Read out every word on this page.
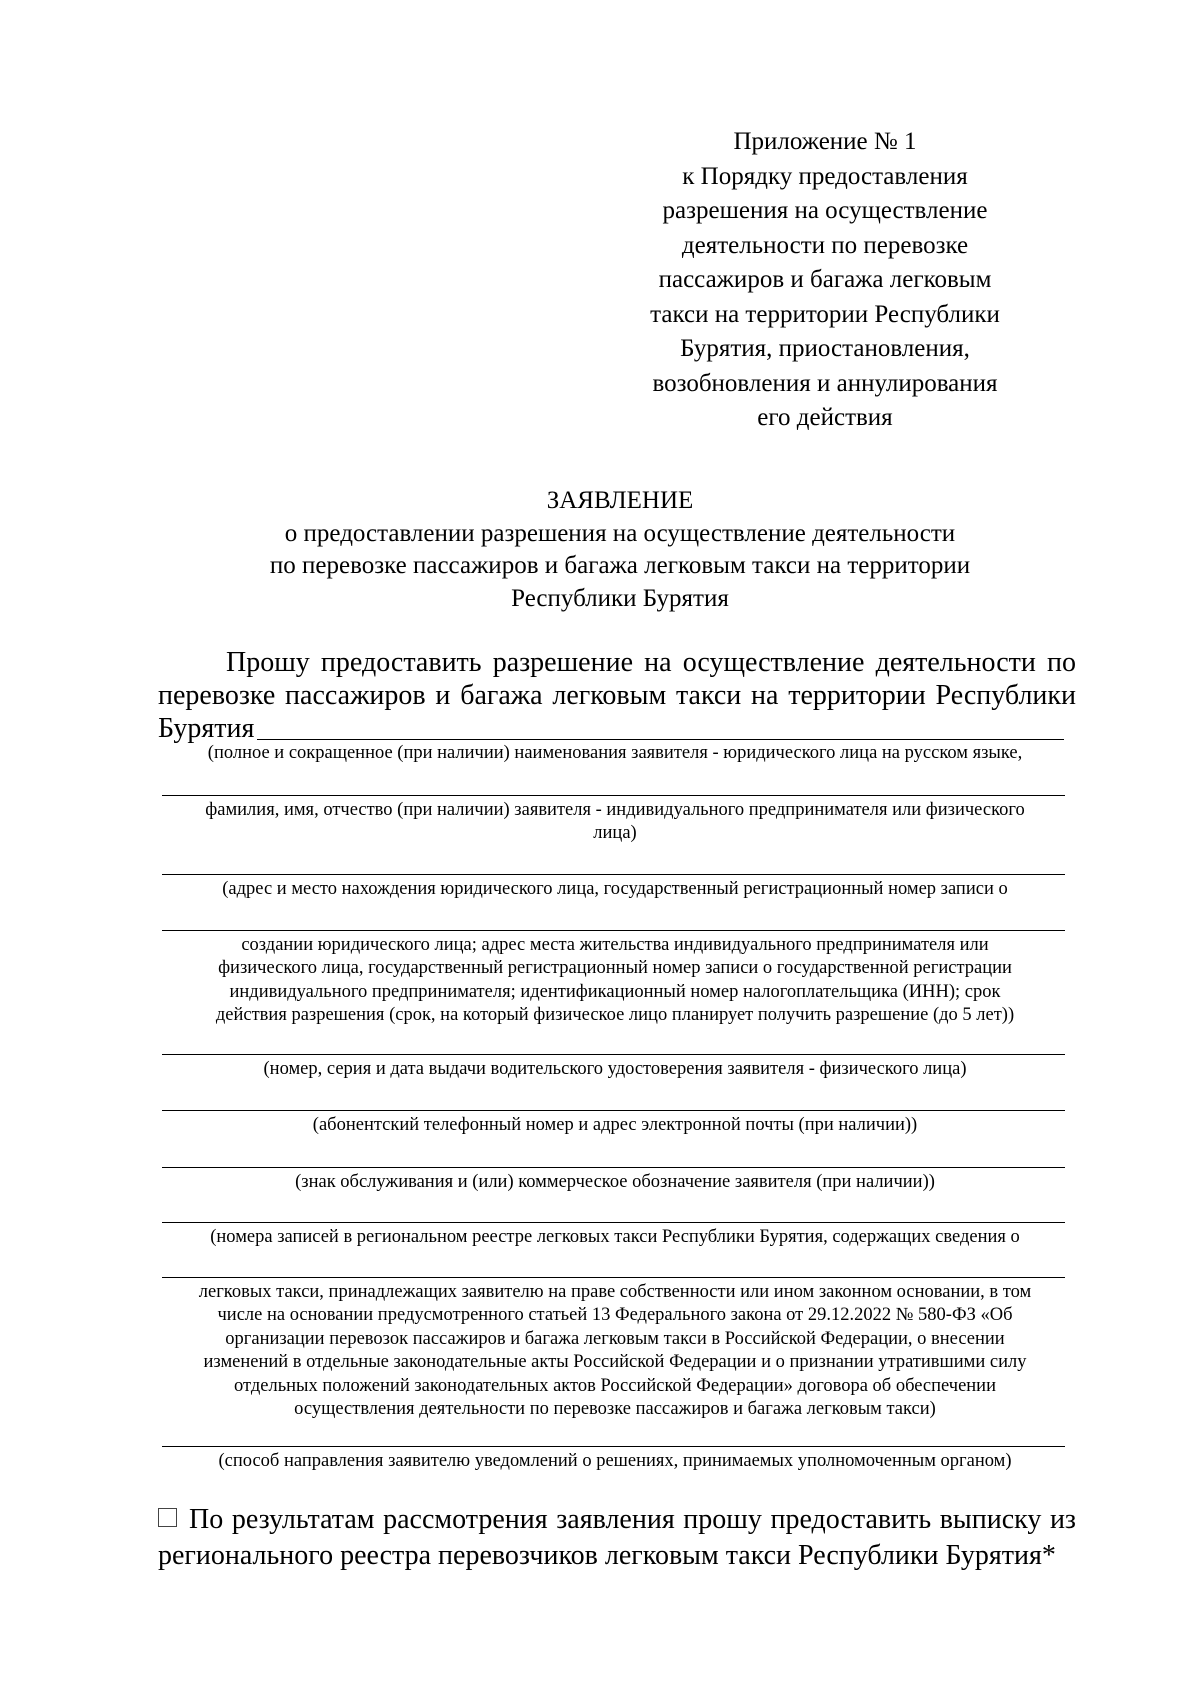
Приложение № 1
к Порядку предоставления
разрешения на осуществление
деятельности по перевозке
пассажиров и багажа легковым
такси на территории Республики
Бурятия, приостановления,
возобновления и аннулирования
его действия
ЗАЯВЛЕНИЕ
о предоставлении разрешения на осуществление деятельности
по перевозке пассажиров и багажа легковым такси на территории
Республики Бурятия
Прошу предоставить разрешение на осуществление деятельности по
перевозке пассажиров и багажа легковым такси на территории Республики
Бурятия
(полное и сокращенное (при наличии) наименования заявителя - юридического лица на русском языке,
фамилия, имя, отчество (при наличии) заявителя - индивидуального предпринимателя или физического
лица)
(адрес и место нахождения юридического лица, государственный регистрационный номер записи о
создании юридического лица; адрес места жительства индивидуального предпринимателя или
физического лица, государственный регистрационный номер записи о государственной регистрации
индивидуального предпринимателя; идентификационный номер налогоплательщика (ИНН); срок
действия разрешения (срок, на который физическое лицо планирует получить разрешение (до 5 лет))
(номер, серия и дата выдачи водительского удостоверения заявителя - физического лица)
(абонентский телефонный номер и адрес электронной почты (при наличии))
(знак обслуживания и (или) коммерческое обозначение заявителя (при наличии))
(номера записей в региональном реестре легковых такси Республики Бурятия, содержащих сведения о
легковых такси, принадлежащих заявителю на праве собственности или ином законном основании, в том
числе на основании предусмотренного статьей 13 Федерального закона от 29.12.2022 № 580-ФЗ «Об
организации перевозок пассажиров и багажа легковым такси в Российской Федерации, о внесении
изменений в отдельные законодательные акты Российской Федерации и о признании утратившими силу
отдельных положений законодательных актов Российской Федерации» договора об обеспечении
осуществления деятельности по перевозке пассажиров и багажа легковым такси)
(способ направления заявителю уведомлений о решениях, принимаемых уполномоченным органом)
По результатам рассмотрения заявления прошу предоставить выписку из
регионального реестра перевозчиков легковым такси Республики Бурятия*
